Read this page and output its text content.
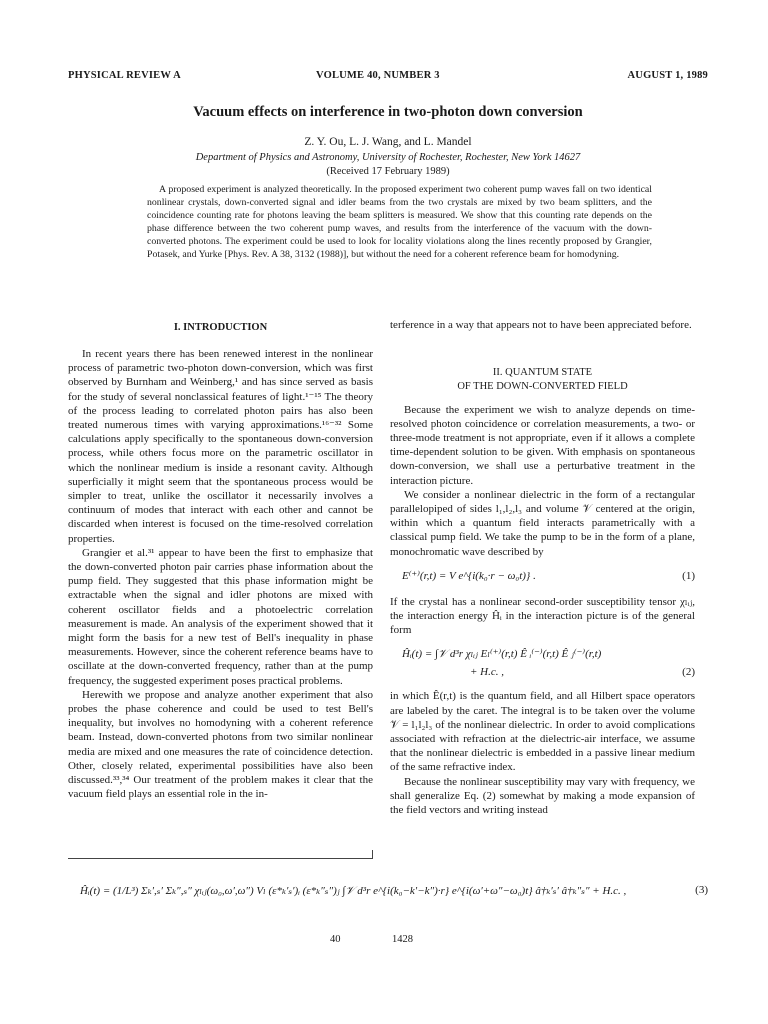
PHYSICAL REVIEW A	VOLUME 40, NUMBER 3	AUGUST 1, 1989
Vacuum effects on interference in two-photon down conversion
Z. Y. Ou, L. J. Wang, and L. Mandel
Department of Physics and Astronomy, University of Rochester, Rochester, New York 14627
(Received 17 February 1989)
A proposed experiment is analyzed theoretically. In the proposed experiment two coherent pump waves fall on two identical nonlinear crystals, down-converted signal and idler beams from the two crystals are mixed by two beam splitters, and the coincidence counting rate for photons leaving the beam splitters is measured. We show that this counting rate depends on the phase difference between the two coherent pump waves, and results from the interference of the vacuum with the down-converted photons. The experiment could be used to look for locality violations along the lines recently proposed by Grangier, Potasek, and Yurke [Phys. Rev. A 38, 3132 (1988)], but without the need for a coherent reference beam for homodyning.
I. INTRODUCTION

In recent years there has been renewed interest in the nonlinear process of parametric two-photon down-conversion, which was first observed by Burnham and Weinberg,¹ and has since served as basis for the study of several nonclassical features of light.¹⁻¹⁵ The theory of the process leading to correlated photon pairs has also been treated numerous times with varying approximations.¹⁶⁻³² Some calculations apply specifically to the spontaneous down-conversion process, while others focus more on the parametric oscillator in which the nonlinear medium is inside a resonant cavity. Although superficially it might seem that the spontaneous process would be simpler to treat, unlike the oscillator it necessarily involves a continuum of modes that interact with each other and cannot be discarded when interest is focused on the time-resolved correlation properties.

Grangier et al.³¹ appear to have been the first to emphasize that the down-converted photon pair carries phase information about the pump field. They suggested that this phase information might be extractable when the signal and idler photons are mixed with coherent oscillator fields and a photoelectric correlation measurement is made. An analysis of the experiment showed that it might form the basis for a new test of Bell's inequality in phase measurements. However, since the coherent reference beams have to oscillate at the down-converted frequency, rather than at the pump frequency, the suggested experiment poses practical problems.

Herewith we propose and analyze another experiment that also probes the phase coherence and could be used to test Bell's inequality, but involves no homodyning with a coherent reference beam. Instead, down-converted photons from two similar nonlinear media are mixed and one measures the rate of coincidence detection. Other, closely related, experimental possibilities have also been discussed.³³,³⁴ Our treatment of the problem makes it clear that the vacuum field plays an essential role in the in-

terference in a way that appears not to have been appreciated before.

II. QUANTUM STATE

OF THE DOWN-CONVERTED FIELD

Because the experiment we wish to analyze depends on time-resolved photon coincidence or correlation measurements, a two- or three-mode treatment is not appropriate, even if it allows a complete time-dependent solution to be given. With emphasis on spontaneous down-conversion, we shall use a perturbative treatment in the interaction picture.

We consider a nonlinear dielectric in the form of a rectangular parallelopiped of sides l₁,l₂,l₃ and volume 𝒱 centered at the origin, within which a quantum field interacts parametrically with a classical pump field. We take the pump to be in the form of a plane, monochromatic wave described by

E⁽⁺⁾(r,t) = V e^{i(k₀·r − ω₀t)} .	(1)

If the crystal has a nonlinear second-order susceptibility tensor χₗᵢⱼ, the interaction energy Ĥᵢ in the interaction picture is of the general form

Ĥᵢ(t) = ∫𝒱 d³r χₗᵢⱼ Eₗ⁽⁺⁾(r,t) Ê ᵢ⁽⁻⁾(r,t) Ê ⱼ⁽⁻⁾(r,t)
+ H.c. ,	(2)

in which Ê(r,t) is the quantum field, and all Hilbert space operators are labeled by the caret. The integral is to be taken over the volume 𝒱 = l₁l₂l₃ of the nonlinear dielectric. In order to avoid complications associated with refraction at the dielectric-air interface, we assume that the nonlinear dielectric is embedded in a passive linear medium of the same refractive index.

Because the nonlinear susceptibility may vary with frequency, we shall generalize Eq. (2) somewhat by making a mode expansion of the field vectors and writing instead

Ĥᵢ(t) = (1/L³) Σₖ′,ₛ′ Σₖ″,ₛ″ χₗᵢⱼ(ω₀,ω′,ω″) Vₗ (ε*ₖ′ₛ′)ᵢ (ε*ₖ″ₛ″)ⱼ ∫𝒱 d³r e^{i(k₀−k′−k″)·r} e^{i(ω′+ω″−ω₀)t} â†ₖ′ₛ′ â†ₖ″ₛ″ + H.c. ,	(3)
40	1428
